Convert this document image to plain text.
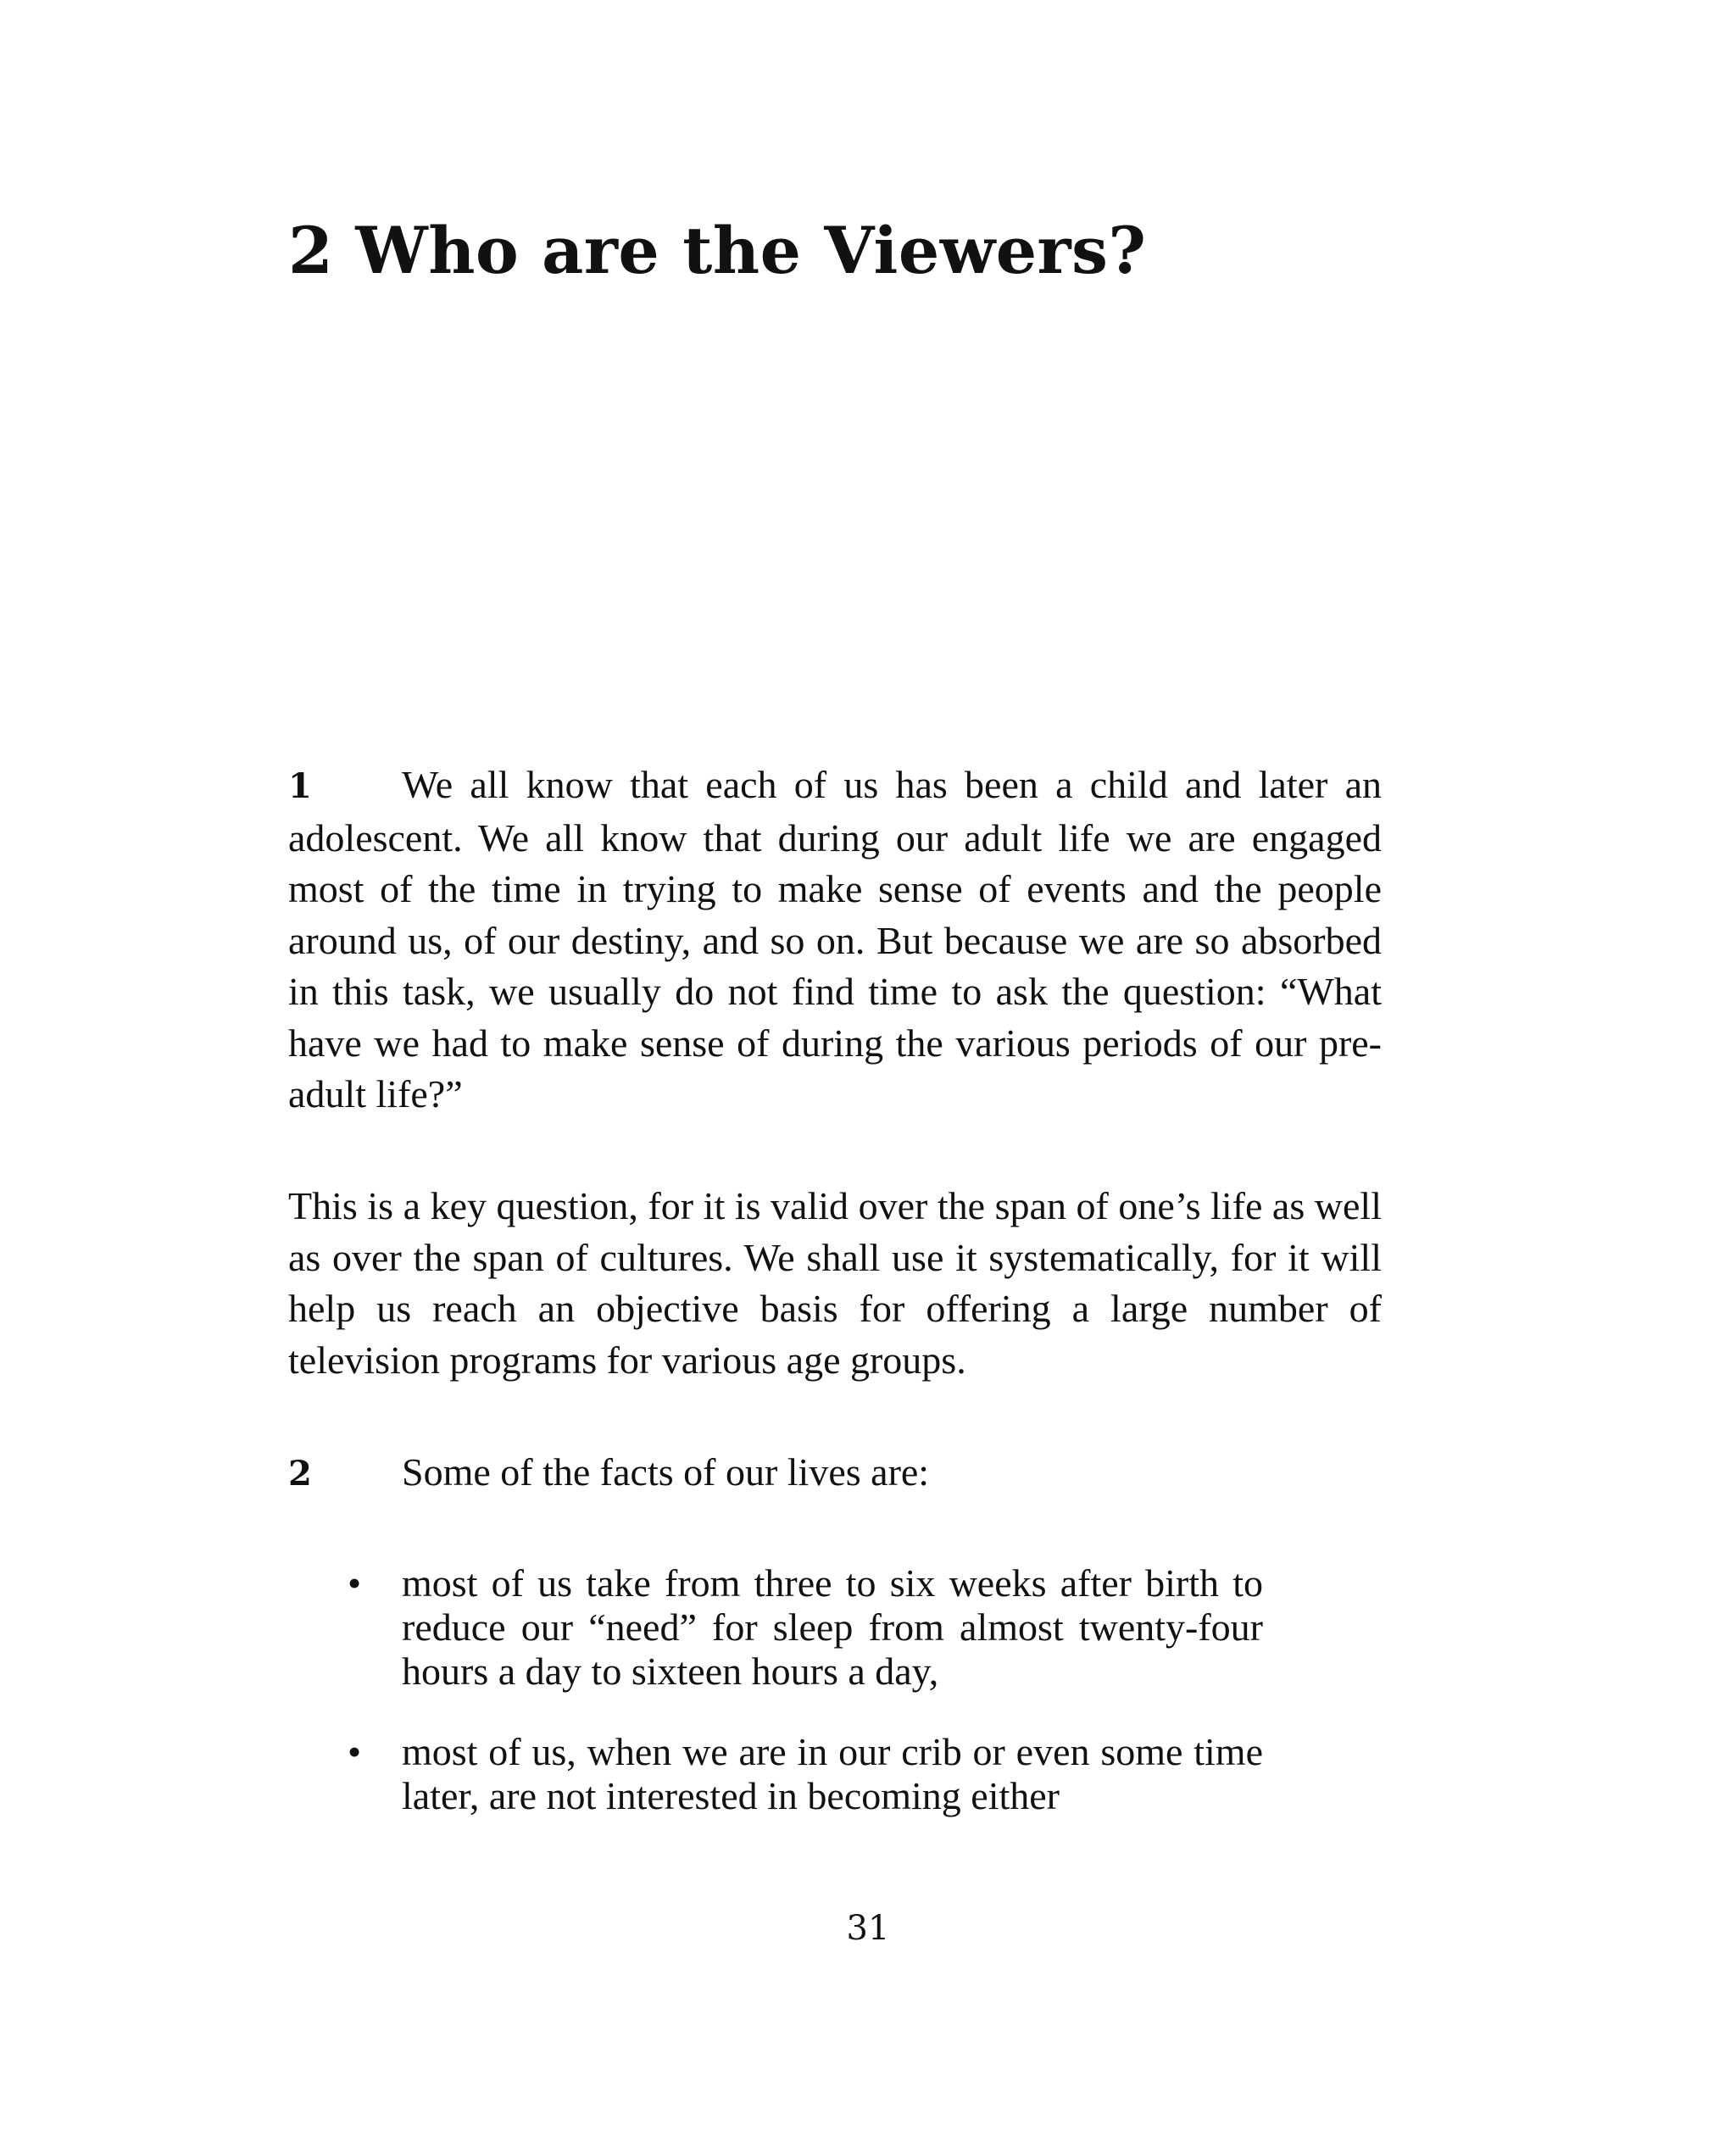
2 Who are the Viewers?

1 We all know that each of us has been a child and later an adolescent. We all know that during our adult life we are engaged most of the time in trying to make sense of events and the people around us, of our destiny, and so on. But because we are so absorbed in this task, we usually do not find time to ask the question: “What have we had to make sense of during the various periods of our pre-adult life?”

This is a key question, for it is valid over the span of one’s life as well as over the span of cultures. We shall use it systematically, for it will help us reach an objective basis for offering a large number of television programs for various age groups.

2 Some of the facts of our lives are:

•	most of us take from three to six weeks after birth to reduce our “need” for sleep from almost twenty-four hours a day to sixteen hours a day,
•	most of us, when we are in our crib or even some time later, are not interested in becoming either
31
